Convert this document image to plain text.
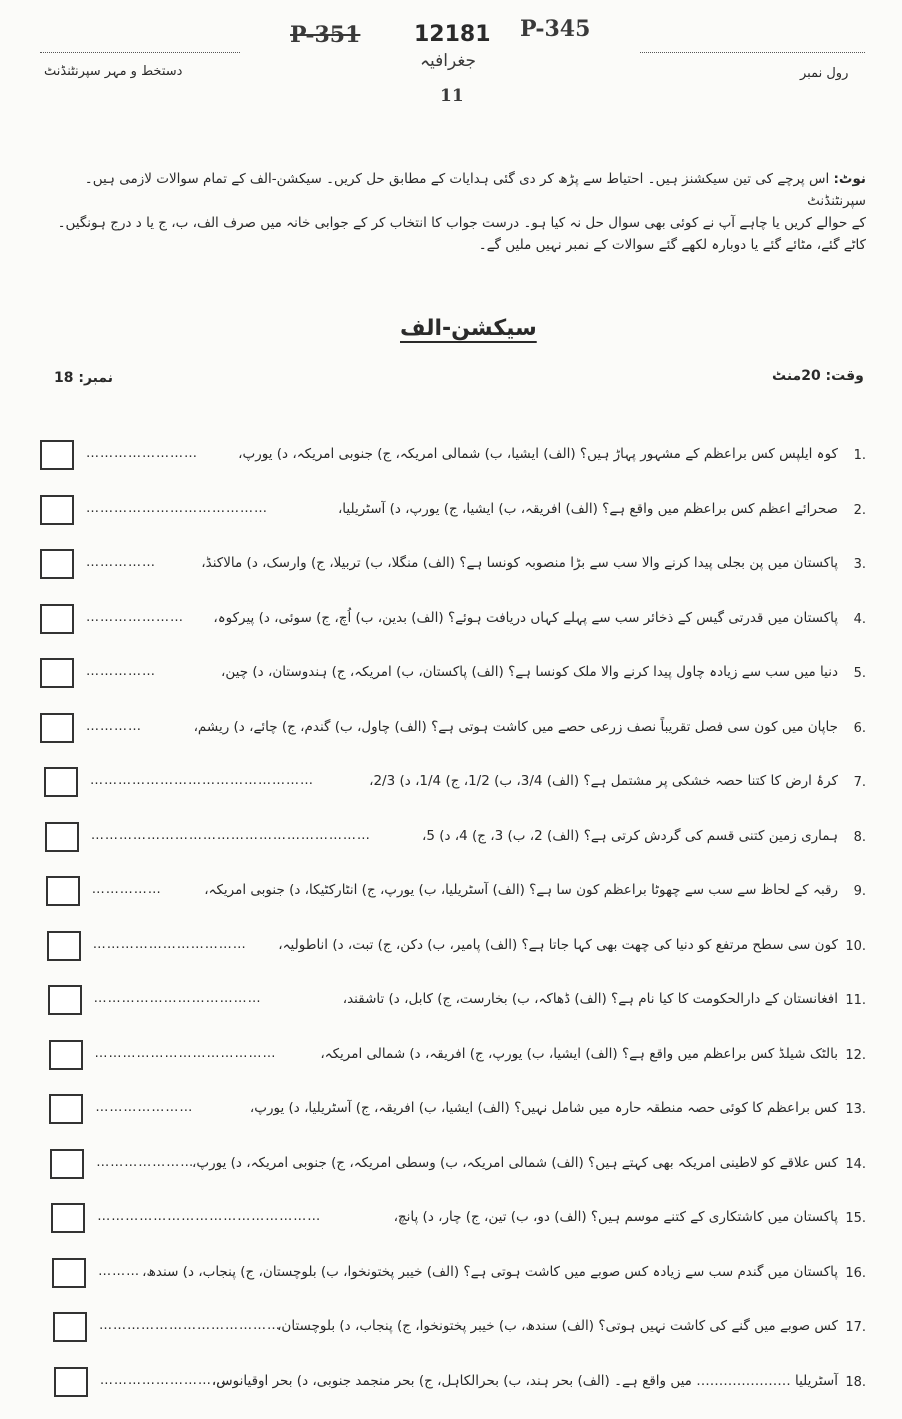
P-351 12181 P-345
جغرافیہ
11
دستخط و مہر سپرنٹنڈنٹ	رول نمبر
نوٹ: اس پرچے کی تین سیکشنز ہیں۔ احتیاط سے پڑھ کر دی گئی ہدایات کے مطابق حل کریں۔ سیکشن-الف کے تمام سوالات لازمی ہیں۔ سپرنٹنڈنٹ
کے حوالے کریں یا چاہے آپ نے کوئی بھی سوال حل نہ کیا ہو۔ درست جواب کا انتخاب کر کے جوابی خانہ میں صرف الف، ب، ج یا د درج ہونگیں۔
کاٹے گئے، مٹائے گئے یا دوبارہ لکھے گئے سوالات کے نمبر نہیں ملیں گے۔
سیکشن-الف
وقت: 20منٹ
نمبر: 18
……………………	کوہ ایلپس کس براعظم کے مشہور پہاڑ ہیں؟ (الف) ایشیا، ب) شمالی امریکہ، ج) جنوبی امریکہ، د) یورپ، 1.
…………………………………	صحرائے اعظم کس براعظم میں واقع ہے؟ (الف) افریقہ، ب) ایشیا، ج) یورپ، د) آسٹریلیا، 2.
……………	پاکستان میں پن بجلی پیدا کرنے والا سب سے بڑا منصوبہ کونسا ہے؟ (الف) منگلا، ب) تربیلا، ج) وارسک، د) مالاکنڈ، 3.
………………… پاکستان میں قدرتی گیس کے ذخائر سب سے پہلے کہاں دریافت ہوئے؟ (الف) بدین، ب) اُچ، ج) سوئی، د) پیرکوہ، 4.
……………	دنیا میں سب سے زیادہ چاول پیدا کرنے والا ملک کونسا ہے؟ (الف) پاکستان، ب) امریکہ، ج) ہندوستان، د) چین، 5.
…………	جاپان میں کون سی فصل تقریباً نصف زرعی حصے میں کاشت ہوتی ہے؟ (الف) چاول، ب) گندم، ج) چائے، د) ریشم، 6.
…………………………………………	کرۂ ارض کا کتنا حصہ خشکی پر مشتمل ہے؟ (الف) 3/4، ب) 1/2، ج) 1/4، د) 2/3، 7.
……………………………………………………	ہماری زمین کتنی قسم کی گردش کرتی ہے؟ (الف) 2، ب) 3، ج) 4، د) 5، 8.
……………	رقبہ کے لحاظ سے سب سے چھوٹا براعظم کون سا ہے؟ (الف) آسٹریلیا، ب) یورپ، ج) انٹارکٹیکا، د) جنوبی امریکہ، 9.
…………………………… کون سی سطح مرتفع کو دنیا کی چھت بھی کہا جاتا ہے؟ (الف) پامیر، ب) دکن، ج) تبت، د) اناطولیہ، 10.
………………………………	افغانستان کے دارالحکومت کا کیا نام ہے؟ (الف) ڈھاکہ، ب) بخارست، ج) کابل، د) تاشقند، 11.
…………………………………	بالٹک شیلڈ کس براعظم میں واقع ہے؟ (الف) ایشیا، ب) یورپ، ج) افریقہ، د) شمالی امریکہ، 12.
…………………	کس براعظم کا کوئی حصہ منطقہ حارہ میں شامل نہیں؟ (الف) ایشیا، ب) افریقہ، ج) آسٹریلیا، د) یورپ، 13.
…………………
کس علاقے کو لاطینی امریکہ بھی کہتے ہیں؟ (الف) شمالی امریکہ، ب) وسطی امریکہ، ج) جنوبی امریکہ، د) یورپ، 14.
…………………………………………	پاکستان میں کاشتکاری کے کتنے موسم ہیں؟ (الف) دو، ب) تین، ج) چار، د) پانچ، 15.
……… پاکستان میں گندم سب سے زیادہ کس صوبے میں کاشت ہوتی ہے؟ (الف) خیبر پختونخوا، ب) بلوچستان، ج) پنجاب، د) سندھ، 16.
…………………………………
کس صوبے میں گنے کی کاشت نہیں ہوتی؟ (الف) سندھ، ب) خیبر پختونخوا، ج) پنجاب، د) بلوچستان، 17.
………………………
آسٹریلیا ………………… میں واقع ہے۔ (الف) بحر ہند، ب) بحرالکاہل، ج) بحر منجمد جنوبی، د) بحر اوقیانوس، 18.
